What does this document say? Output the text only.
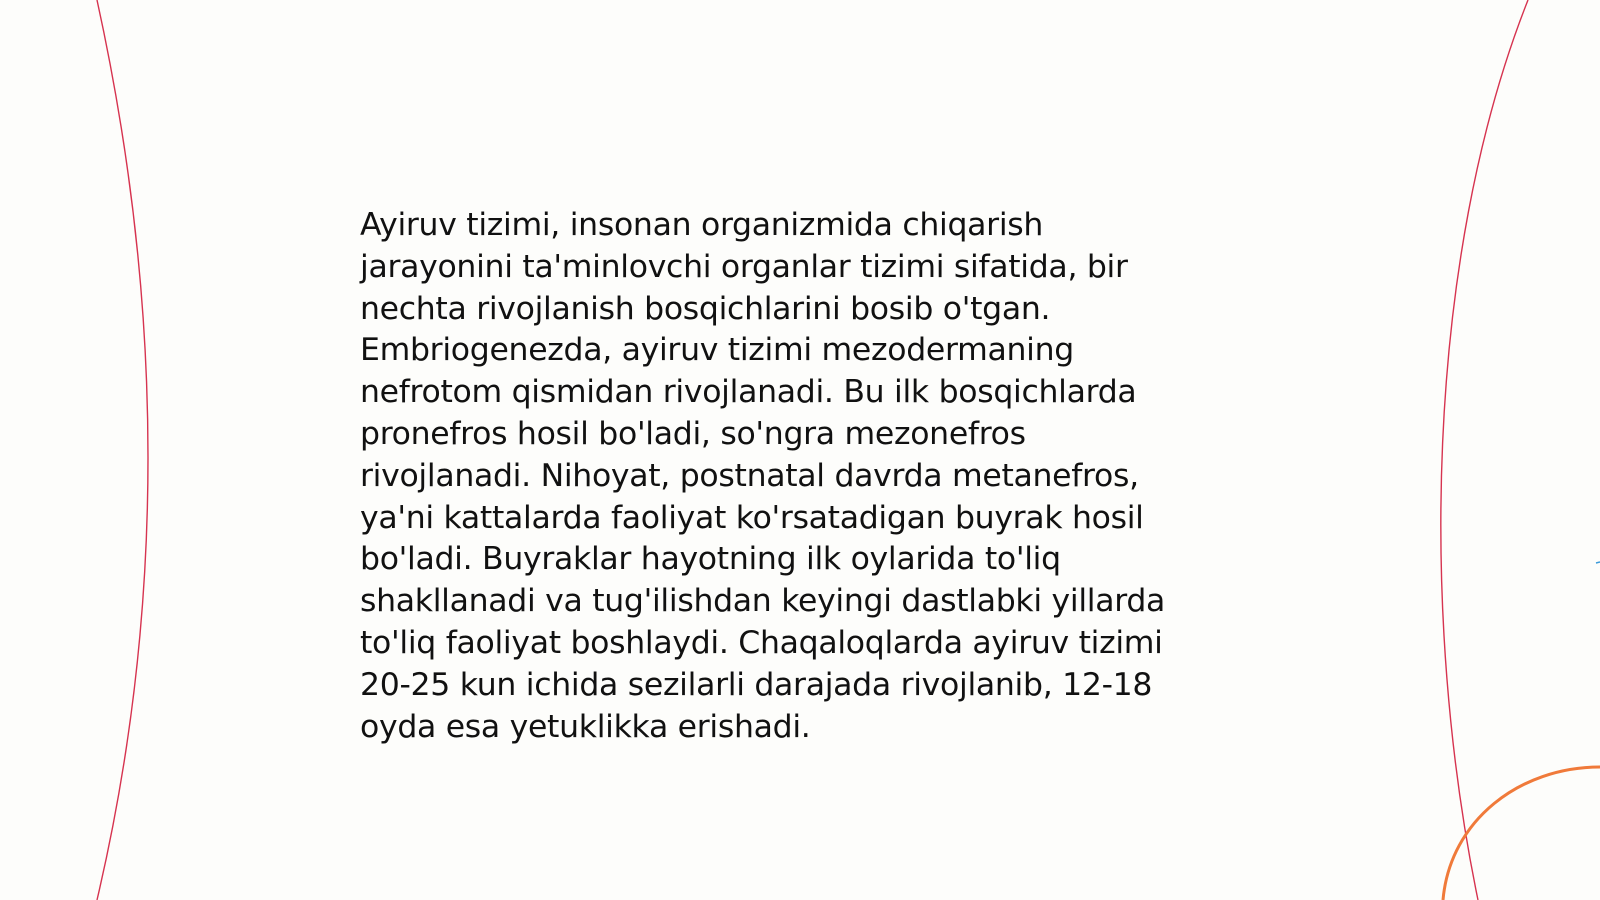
Ayiruv tizimi, insonan organizmida chiqarish
jarayonini ta'minlovchi organlar tizimi sifatida, bir
nechta rivojlanish bosqichlarini bosib o'tgan.
Embriogenezda, ayiruv tizimi mezodermaning
nefrotom qismidan rivojlanadi. Bu ilk bosqichlarda
pronefros hosil bo'ladi, so'ngra mezonefros
rivojlanadi. Nihoyat, postnatal davrda metanefros,
ya'ni kattalarda faoliyat ko'rsatadigan buyrak hosil
bo'ladi. Buyraklar hayotning ilk oylarida to'liq
shakllanadi va tug'ilishdan keyingi dastlabki yillarda
to'liq faoliyat boshlaydi. Chaqaloqlarda ayiruv tizimi
20-25 kun ichida sezilarli darajada rivojlanib, 12-18
oyda esa yetuklikka erishadi.
